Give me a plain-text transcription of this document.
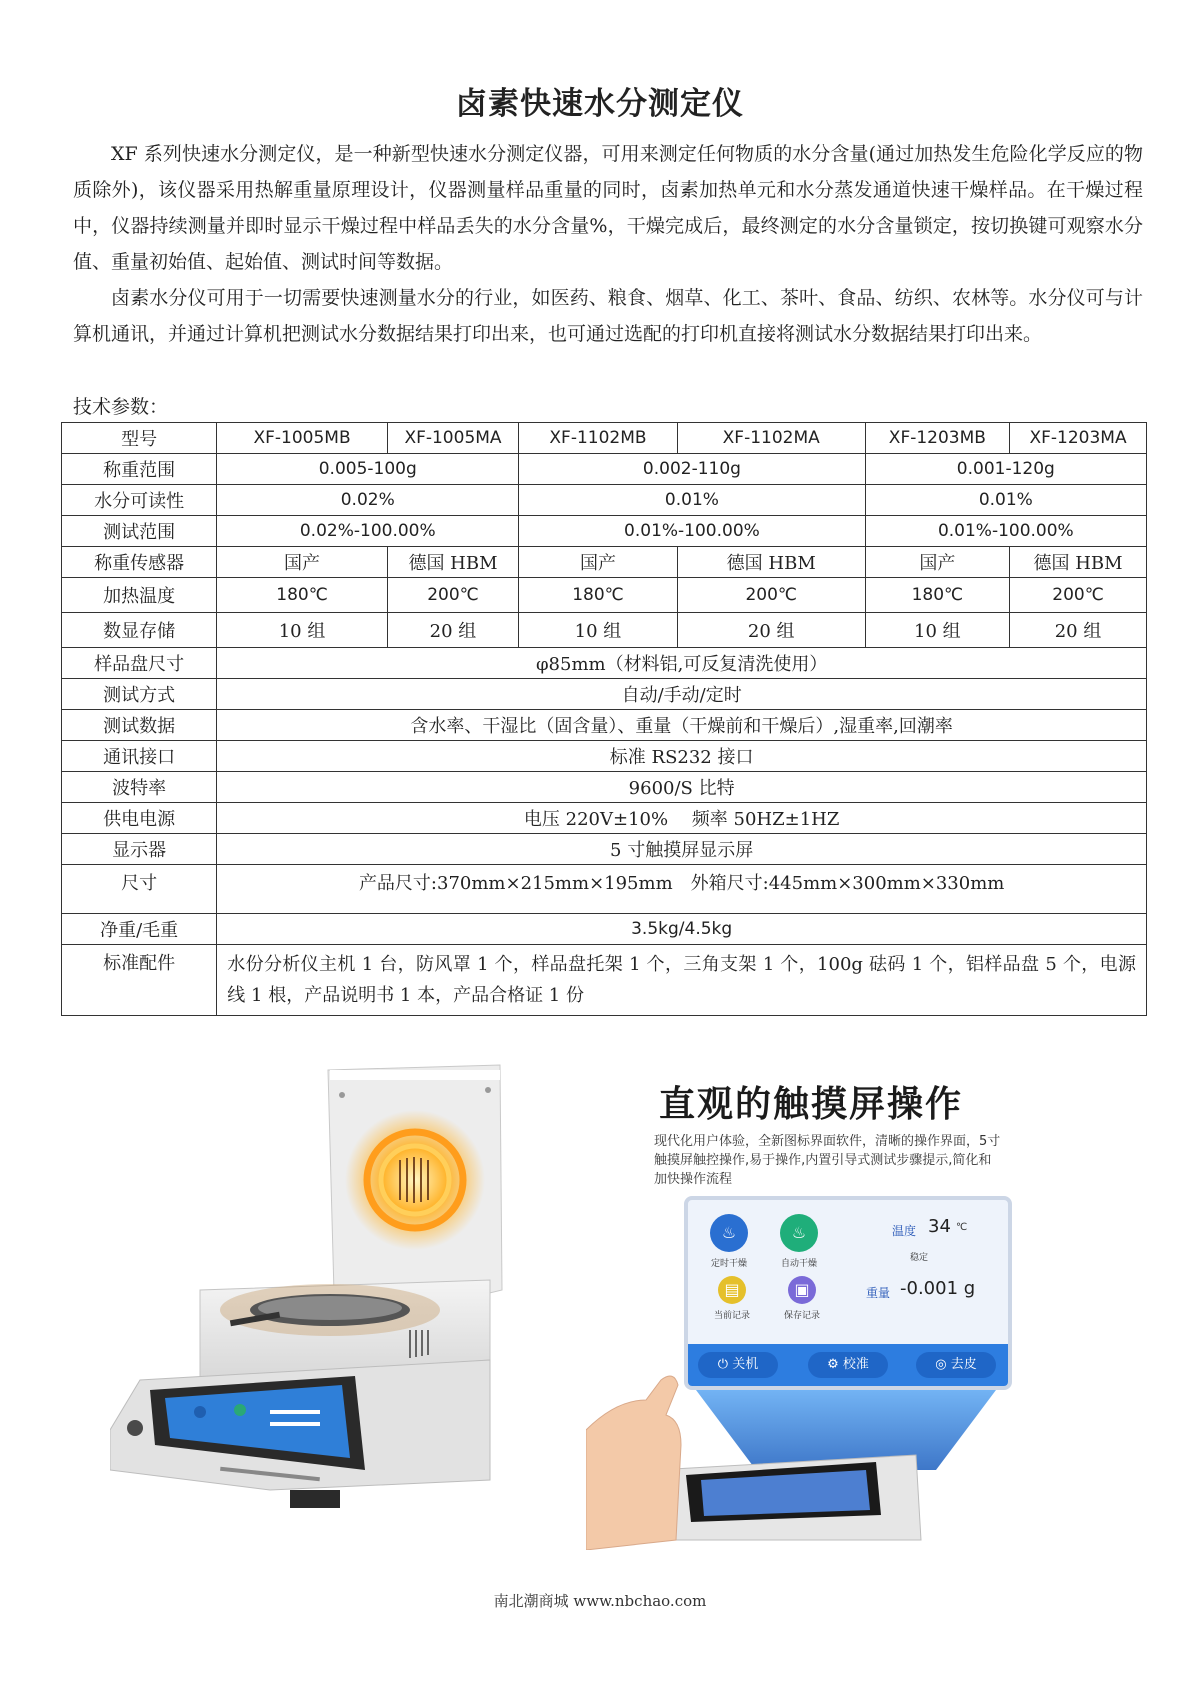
卤素快速水分测定仪

XF 系列快速水分测定仪，是一种新型快速水分测定仪器，可用来测定任何物质的水分含量(通过加热发生危险化学反应的物质除外)，该仪器采用热解重量原理设计，仪器测量样品重量的同时，卤素加热单元和水分蒸发通道快速干燥样品。在干燥过程中，仪器持续测量并即时显示干燥过程中样品丢失的水分含量%，干燥完成后，最终测定的水分含量锁定，按切换键可观察水分值、重量初始值、起始值、测试时间等数据。

卤素水分仪可用于一切需要快速测量水分的行业，如医药、粮食、烟草、化工、茶叶、食品、纺织、农林等。水分仪可与计算机通讯，并通过计算机把测试水分数据结果打印出来，也可通过选配的打印机直接将测试水分数据结果打印出来。

技术参数：
型号	XF-1005MB	XF-1005MA	XF-1102MB	XF-1102MA	XF-1203MB	XF-1203MA
称重范围	0.005-100g		0.002-110g		0.001-120g	
水分可读性	0.02%		0.01%		0.01%	
测试范围	0.02%-100.00%		0.01%-100.00%		0.01%-100.00%	
称重传感器	国产	德国 HBM	国产	德国 HBM	国产	德国 HBM
加热温度	180℃	200℃	180℃	200℃	180℃	200℃
数显存储	10 组	20 组	10 组	20 组	10 组	20 组
样品盘尺寸	φ85mm（材料铝,可反复清洗使用）					
测试方式	自动/手动/定时					
测试数据	含水率、干湿比（固含量）、重量（干燥前和干燥后）,湿重率,回潮率					
通讯接口	标准 RS232 接口					
波特率	9600/S 比特					
供电电源	电压 220V±10%　 频率 50HZ±1HZ					
显示器	5 寸触摸屏显示屏					
尺寸	产品尺寸:370mm×215mm×195mm　外箱尺寸:445mm×300mm×330mm					
净重/毛重	3.5kg/4.5kg					
标准配件	水份分析仪主机 1 台，防风罩 1 个，样品盘托架 1 个，三角支架 1 个，100g 砝码 1 个，铝样品盘 5 个，电源线 1 根，产品说明书 1 本，产品合格证 1 份					
直观的触摸屏操作
现代化用户体验，全新图标界面软件，清晰的操作界面，5寸触摸屏触控操作,易于操作,内置引导式测试步骤提示,简化和加快操作流程
♨
定时干燥
♨
自动干燥
▤
当前记录
▣
保存记录
温度 34 ℃
稳定
重量 -0.001 g
⏻ 关机	⚙ 校准	◎ 去皮
南北潮商城 www.nbchao.com
